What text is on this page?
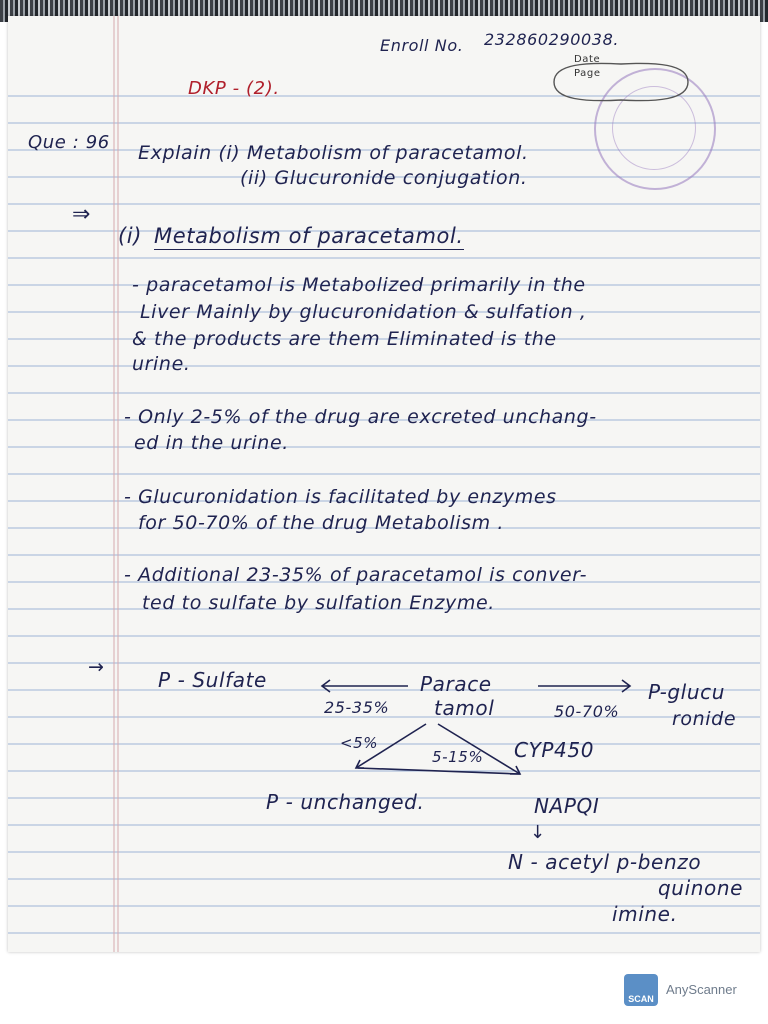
Date
Page
Enroll No. 232860290038.
DKP - (2).
Que : 96 Explain (i) Metabolism of paracetamol.
(ii) Glucuronide conjugation.
⇒
(i) Metabolism of paracetamol.
- paracetamol is Metabolized primarily in the
Liver Mainly by glucuronidation & sulfation ,
& the products are them Eliminated is the
urine.
- Only 2-5% of the drug are excreted unchang-
ed in the urine.
- Glucuronidation is facilitated by enzymes
for 50-70% of the drug Metabolism .
- Additional 23-35% of paracetamol is conver-
ted to sulfate by sulfation Enzyme.
→
P - Sulfate	Parace
tamol
25-35%	50-70%
P-glucu
ronide
<5%
5-15% CYP450
P - unchanged.	NAPQI
↓
N - acetyl p-benzo
quinone
imine.
SCAN
AnyScanner
